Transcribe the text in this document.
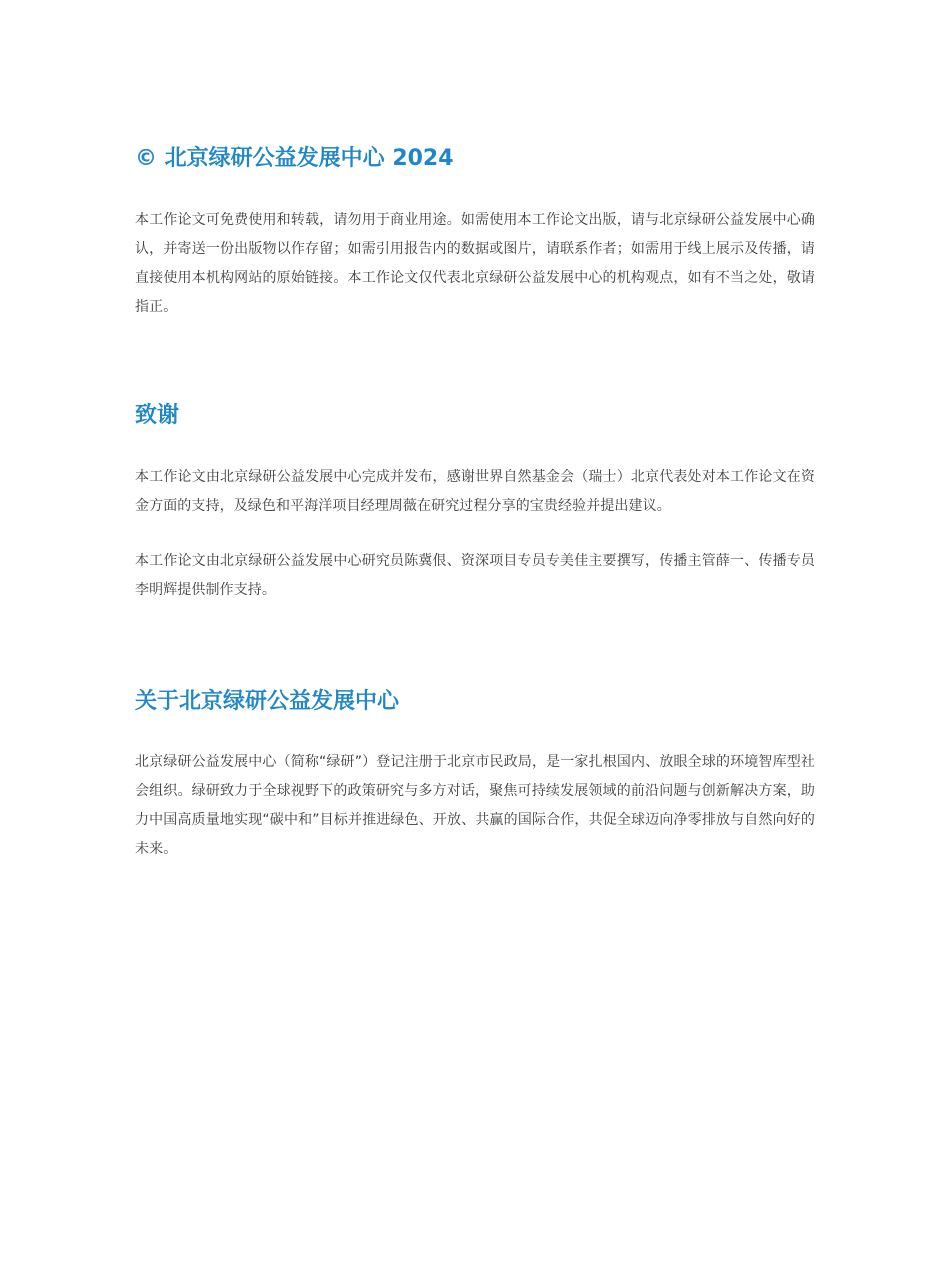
© 北京绿研公益发展中心 2024

本工作论文可免费使用和转载，请勿用于商业用途。如需使用本工作论文出版，请与北京绿研公益发展中心确认，并寄送一份出版物以作存留；如需引用报告内的数据或图片，请联系作者；如需用于线上展示及传播，请直接使用本机构网站的原始链接。本工作论文仅代表北京绿研公益发展中心的机构观点，如有不当之处，敬请指正。

致谢

本工作论文由北京绿研公益发展中心完成并发布，感谢世界自然基金会（瑞士）北京代表处对本工作论文在资金方面的支持，及绿色和平海洋项目经理周薇在研究过程分享的宝贵经验并提出建议。

本工作论文由北京绿研公益发展中心研究员陈冀佷、资深项目专员专美佳主要撰写，传播主管薛一、传播专员李明辉提供制作支持。

关于北京绿研公益发展中心

北京绿研公益发展中心（简称“绿研”）登记注册于北京市民政局，是一家扎根国内、放眼全球的环境智库型社会组织。绿研致力于全球视野下的政策研究与多方对话，聚焦可持续发展领域的前沿问题与创新解决方案，助力中国高质量地实现“碳中和”目标并推进绿色、开放、共赢的国际合作，共促全球迈向净零排放与自然向好的未来。
